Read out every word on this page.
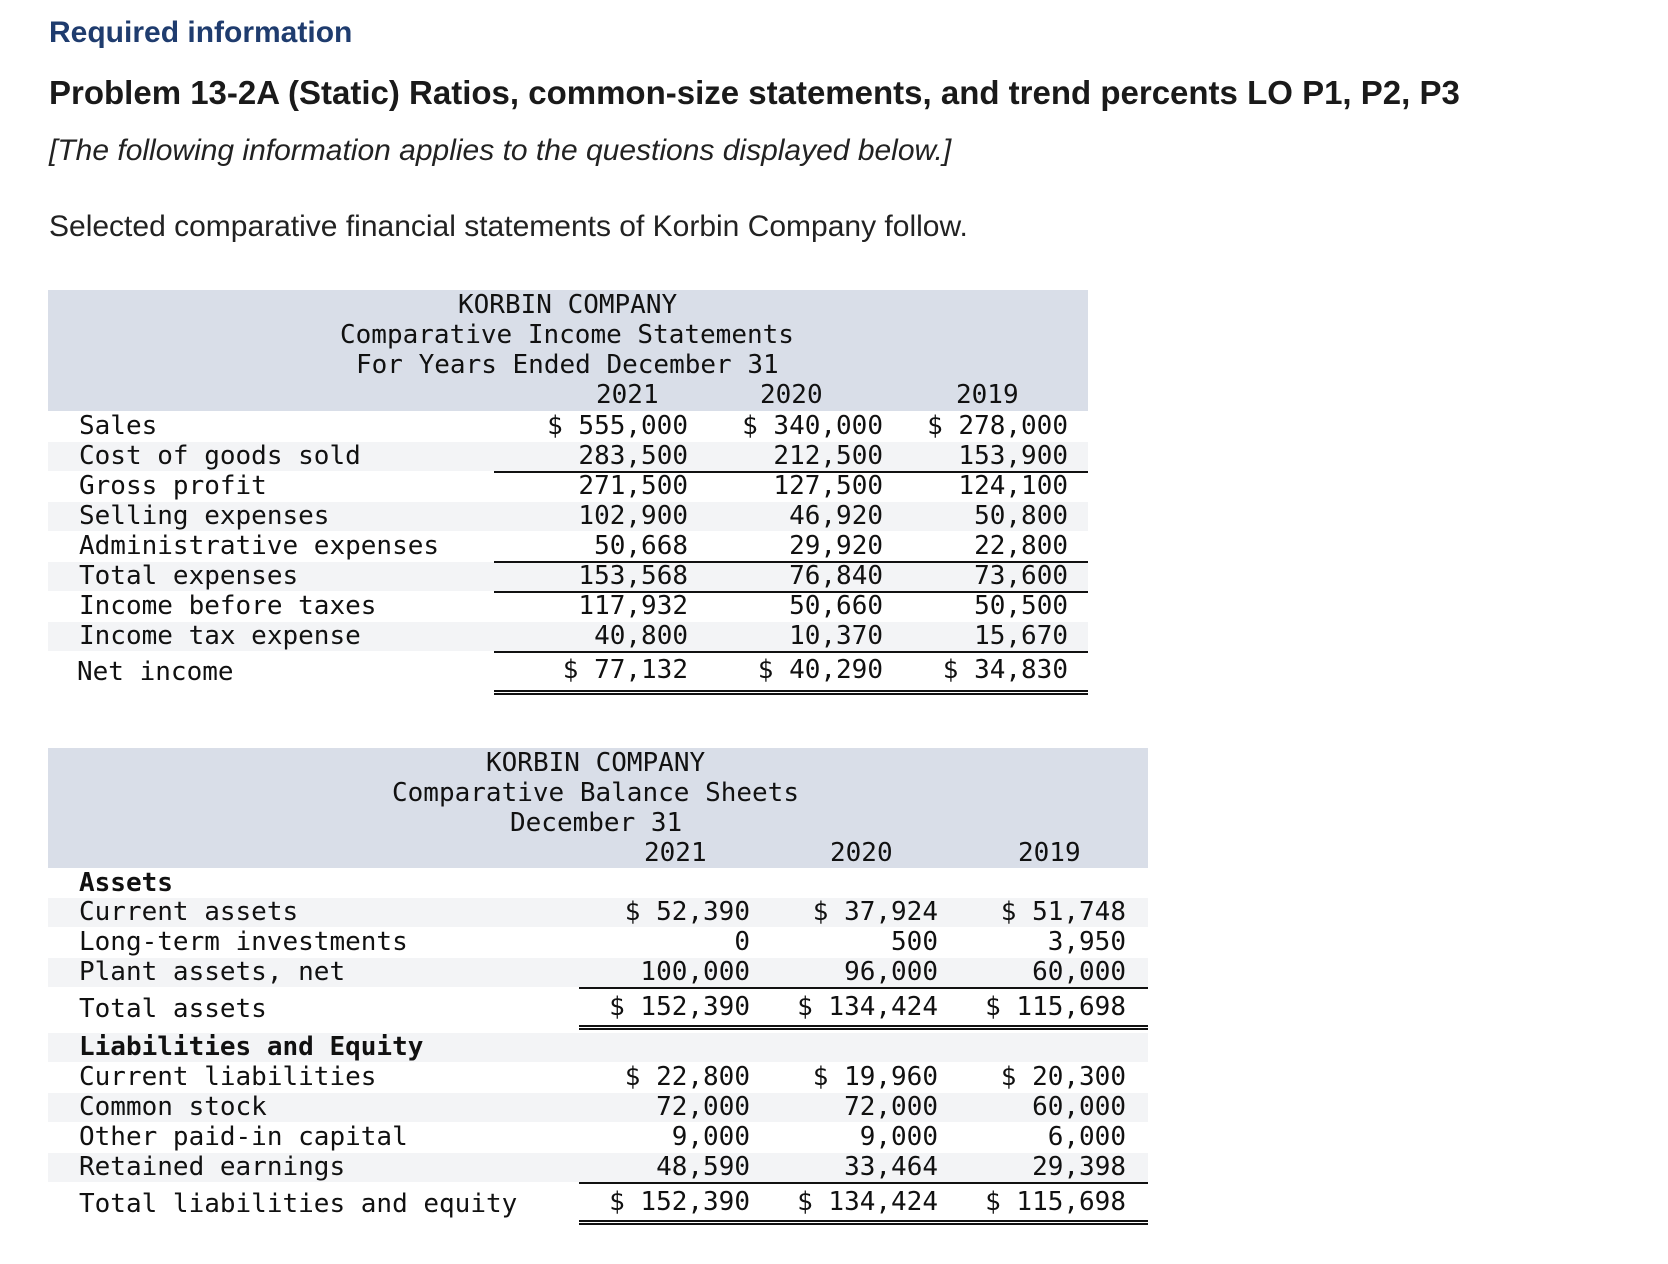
Required information
Problem 13-2A (Static) Ratios, common-size statements, and trend percents LO P1, P2, P3
[The following information applies to the questions displayed below.]
Selected comparative financial statements of Korbin Company follow.
KORBIN COMPANY
Comparative Income Statements
For Years Ended December 31
2021	2020	2019
Sales	$ 555,000 $ 340,000 $ 278,000
Cost of goods sold	283,500	212,500	153,900
Gross profit	271,500	127,500	124,100
Selling expenses	102,900	46,920	50,800
Administrative expenses	50,668	29,920	22,800
Total expenses	153,568	76,840	73,600
Income before taxes	117,932	50,660	50,500
Income tax expense	40,800	10,370	15,670
Net income	$ 77,132	$ 40,290 $ 34,830
KORBIN COMPANY
Comparative Balance Sheets
December 31
2021	2020	2019
Assets
Current assets	$ 52,390 $ 37,924 $ 51,748
Long-term investments	0	500	3,950
Plant assets, net	100,000	96,000	60,000
Total assets	$ 152,390 $ 134,424 $ 115,698
Liabilities and Equity
Current liabilities	$ 22,800 $ 19,960 $ 20,300
Common stock	72,000	72,000	60,000
Other paid-in capital	9,000	9,000	6,000
Retained earnings	48,590	33,464	29,398
Total liabilities and equity	$ 152,390 $ 134,424 $ 115,698
